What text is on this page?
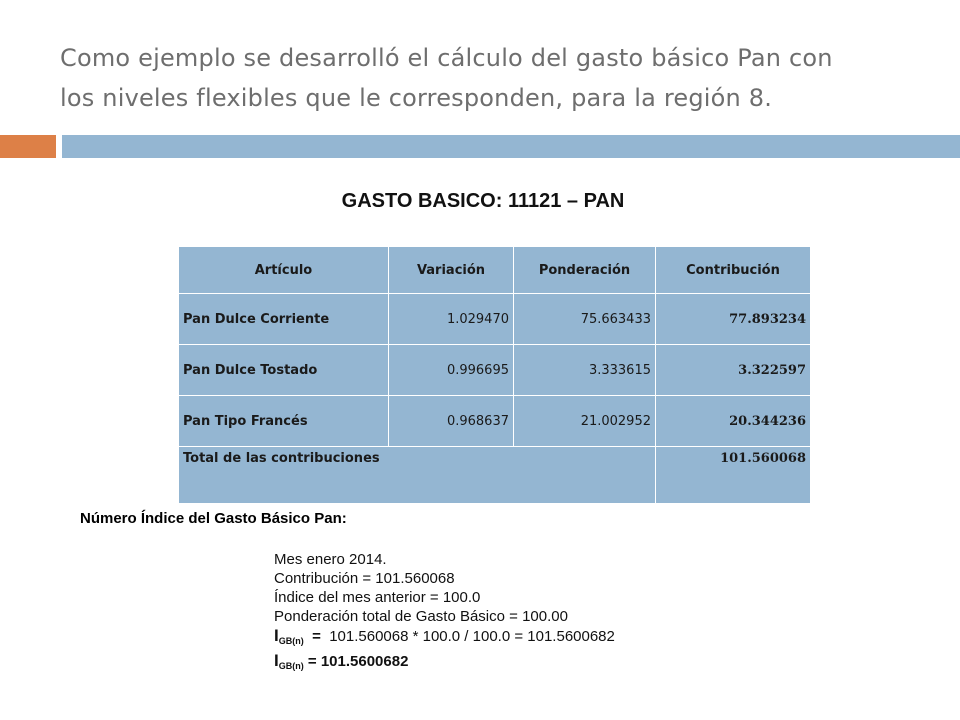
Como ejemplo se desarrolló el cálculo del gasto básico Pan con
los niveles flexibles que le corresponden, para la región 8.
GASTO BASICO: 11121 – PAN
Artículo	Variación	Ponderación	Contribución
Pan Dulce Corriente	1.029470	75.663433	77.893234
Pan Dulce Tostado	0.996695	3.333615	3.322597
Pan Tipo Francés	0.968637	21.002952	20.344236
Total de las contribuciones			101.560068
Número Índice del Gasto Básico Pan:
Mes enero 2014.
Contribución = 101.560068
Índice del mes anterior = 100.0
Ponderación total de Gasto Básico = 100.00
$I_{GB(n)} = 101.560068 * 100.0 / 100.0 = 101.5600682$
$I_{GB(n)} = 101.5600682$
